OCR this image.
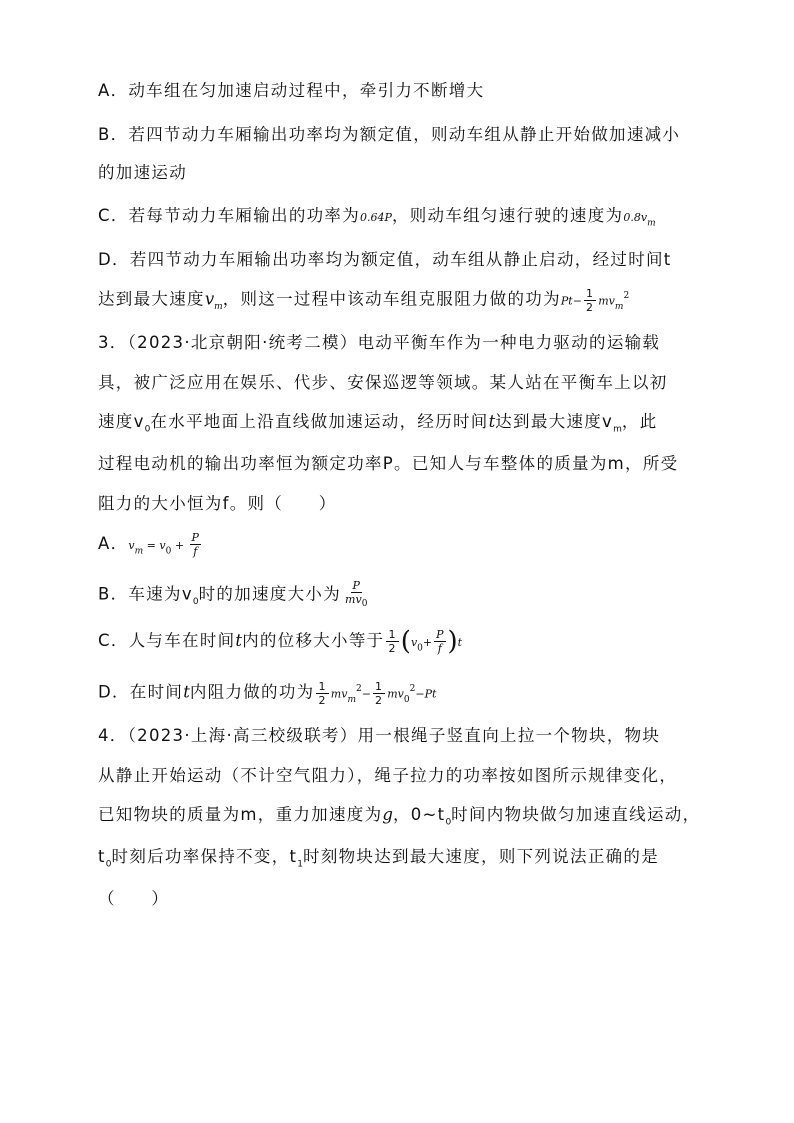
A．动车组在匀加速启动过程中，牵引力不断增大
B．若四节动力车厢输出功率均为额定值，则动车组从静止开始做加速减小
的加速运动
C．若每节动力车厢输出的功率为0.64P，则动车组匀速行驶的速度为$0.8v_m$
D．若四节动力车厢输出功率均为额定值，动车组从静止启动，经过时间t
达到最大速度$v_m$，则这一过程中该动车组克服阻力做的功为$Pt- \frac{1}{2} mv_m^2$
3．（2023·北京朝阳·统考二模）电动平衡车作为一种电力驱动的运输载
具，被广泛应用在娱乐、代步、安保巡逻等领域。某人站在平衡车上以初
速度$v_0$在水平地面上沿直线做加速运动，经历时间t达到最大速度$v_m$，此
过程电动机的输出功率恒为额定功率P。已知人与车整体的质量为m，所受
阻力的大小恒为f。则（　　）
A．$v_m = v_0 + \frac{P}{f}$
B．车速为$v_0$时的加速度大小为 $\frac{P}{mv_0}$
C．人与车在时间t内的位移大小等于 $\frac{1}{2} (v_0+ \frac{P}{f} )t$
D．在时间t内阻力做的功为 $\frac{1}{2} mv_m^2- \frac{1}{2} mv_0^2-Pt$
4．（2023·上海·高三校级联考）用一根绳子竖直向上拉一个物块，物块
从静止开始运动（不计空气阻力），绳子拉力的功率按如图所示规律变化，
已知物块的质量为m，重力加速度为g，$0\sim t_0$时间内物块做匀加速直线运动，
$t_0$时刻后功率保持不变，$t_1$时刻物块达到最大速度，则下列说法正确的是
（　　）
